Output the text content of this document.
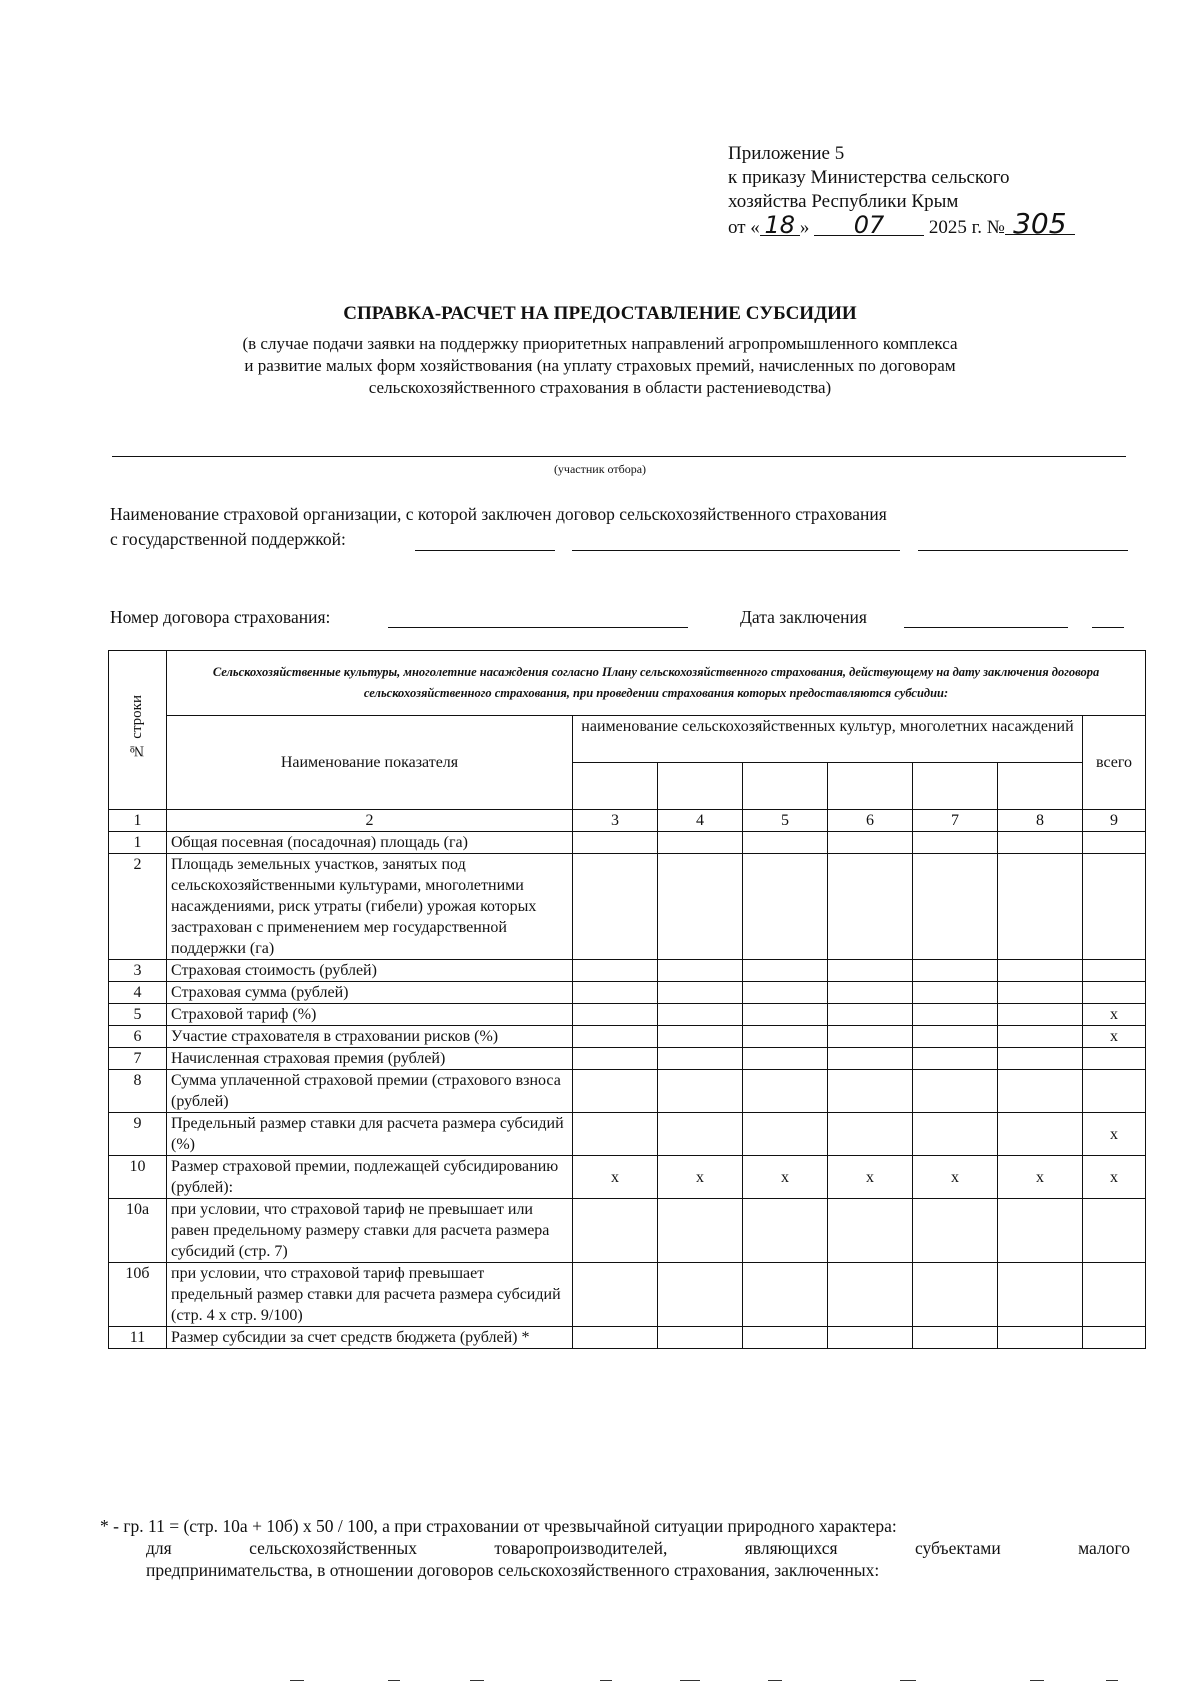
Приложение 5
к приказу Министерства сельского
хозяйства Республики Крым
от « 18 » 07 2025 г. № 305
СПРАВКА-РАСЧЕТ НА ПРЕДОСТАВЛЕНИЕ СУБСИДИИ
(в случае подачи заявки на поддержку приоритетных направлений агропромышленного комплекса
и развитие малых форм хозяйствования (на уплату страховых премий, начисленных по договорам
сельскохозяйственного страхования в области растениеводства)
(участник отбора)
Наименование страховой организации, с которой заключен договор сельскохозяйственного страхования
с государственной поддержкой:
Номер договора страхования:	Дата заключения
№ строки	Сельскохозяйственные культуры, многолетние насаждения согласно Плану сельскохозяйственного страхования, действующему на дату заключения договора сельскохозяйственного страхования, при проведении страхования которых предоставляются субсидии:							
	Наименование показателя	наименование сельскохозяйственных культур, многолетних насаждений						всего

1	2	3	4	5	6	7	8	9
1	Общая посевная (посадочная) площадь (га)							
2	Площадь земельных участков, занятых под сельскохозяйственными культурами, многолетними насаждениями, риск утраты (гибели) урожая которых застрахован с применением мер государственной поддержки (га)							
3	Страховая стоимость (рублей)							
4	Страховая сумма (рублей)							
5	Страховой тариф (%)							х
6	Участие страхователя в страховании рисков (%)							х
7	Начисленная страховая премия (рублей)							
8	Сумма уплаченной страховой премии (страхового взноса (рублей)							
9	Предельный размер ставки для расчета размера субсидий (%)							х
10	Размер страховой премии, подлежащей субсидированию (рублей):	х	х	х	х	х	х	х
10а	при условии, что страховой тариф не превышает или равен предельному размеру ставки для расчета размера субсидий (стр. 7)							
10б	при условии, что страховой тариф превышает предельный размер ставки для расчета размера субсидий (стр. 4 х стр. 9/100)							
11	Размер субсидии за счет средств бюджета (рублей) *							
* - гр. 11 = (стр. 10а + 10б) х 50 / 100, а при страховании от чрезвычайной ситуации природного характера:
для	сельскохозяйственных	товаропроизводителей,	являющихся	субъектами	малого
предпринимательства, в отношении договоров сельскохозяйственного страхования, заключенных:
